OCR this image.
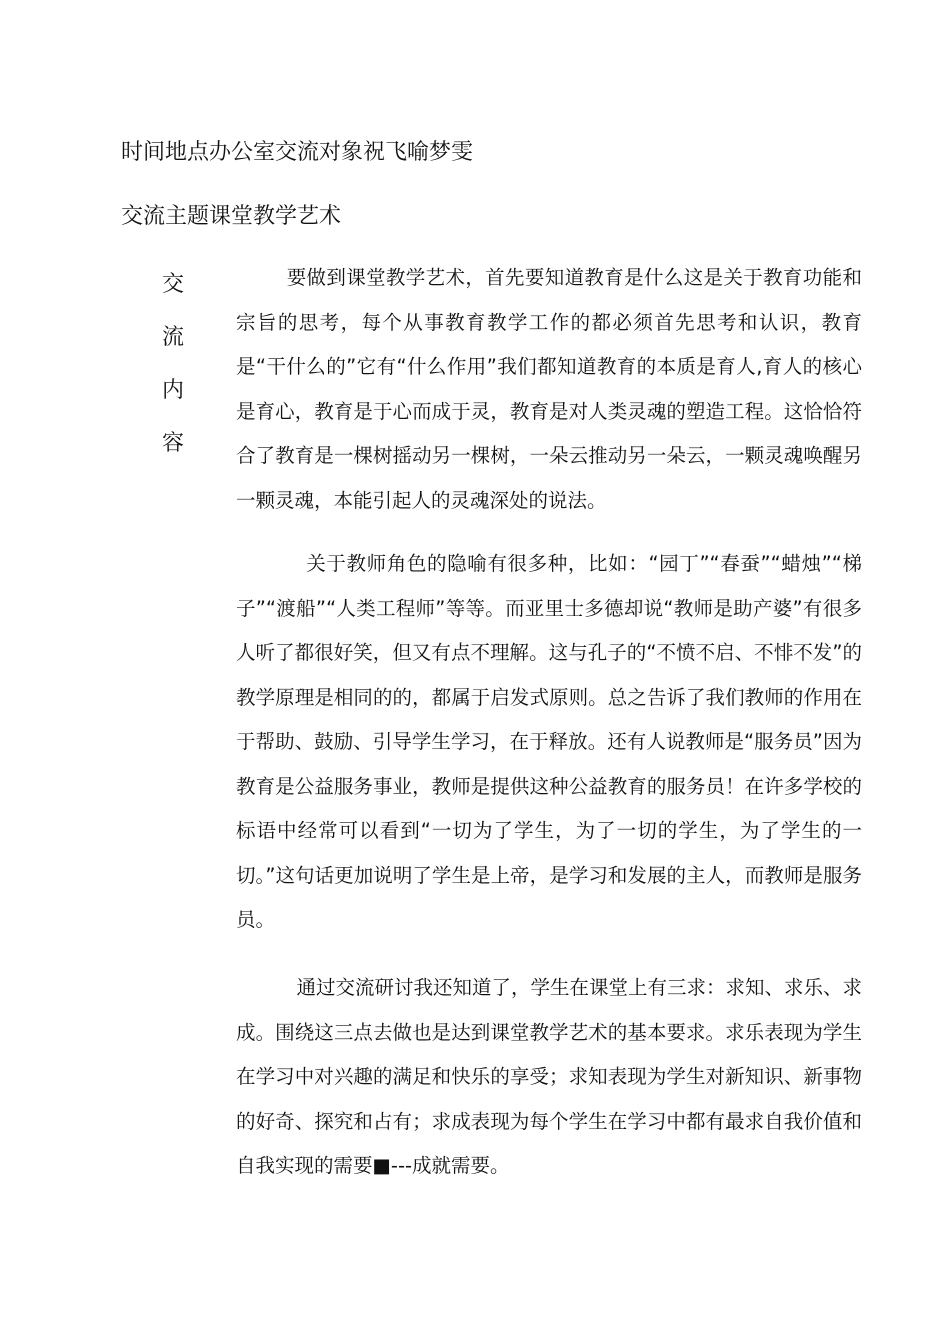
时间地点办公室交流对象祝飞喻梦雯
交流主题课堂教学艺术
交
流
内
容

要做到课堂教学艺术，首先要知道教育是什么这是关于教育功能和宗旨的思考，每个从事教育教学工作的都必须首先思考和认识，教育是“干什么的”它有“什么作用”我们都知道教育的本质是育人,育人的核心是育心，教育是于心而成于灵，教育是对人类灵魂的塑造工程。这恰恰符合了教育是一棵树摇动另一棵树，一朵云推动另一朵云，一颗灵魂唤醒另一颗灵魂，本能引起人的灵魂深处的说法。

关于教师角色的隐喻有很多种，比如：“园丁”“春蚕”“蜡烛”“梯子”“渡船”“人类工程师”等等。而亚里士多德却说“教师是助产婆”有很多人听了都很好笑，但又有点不理解。这与孔子的“不愤不启、不悱不发”的教学原理是相同的的，都属于启发式原则。总之告诉了我们教师的作用在于帮助、鼓励、引导学生学习，在于释放。还有人说教师是“服务员”因为教育是公益服务事业，教师是提供这种公益教育的服务员！在许多学校的标语中经常可以看到“一切为了学生，为了一切的学生，为了学生的一切。”这句话更加说明了学生是上帝，是学习和发展的主人，而教师是服务员。

通过交流研讨我还知道了，学生在课堂上有三求：求知、求乐、求成。围绕这三点去做也是达到课堂教学艺术的基本要求。求乐表现为学生在学习中对兴趣的满足和快乐的享受；求知表现为学生对新知识、新事物的好奇、探究和占有；求成表现为每个学生在学习中都有最求自我价值和自我实现的需要■---成就需要。
